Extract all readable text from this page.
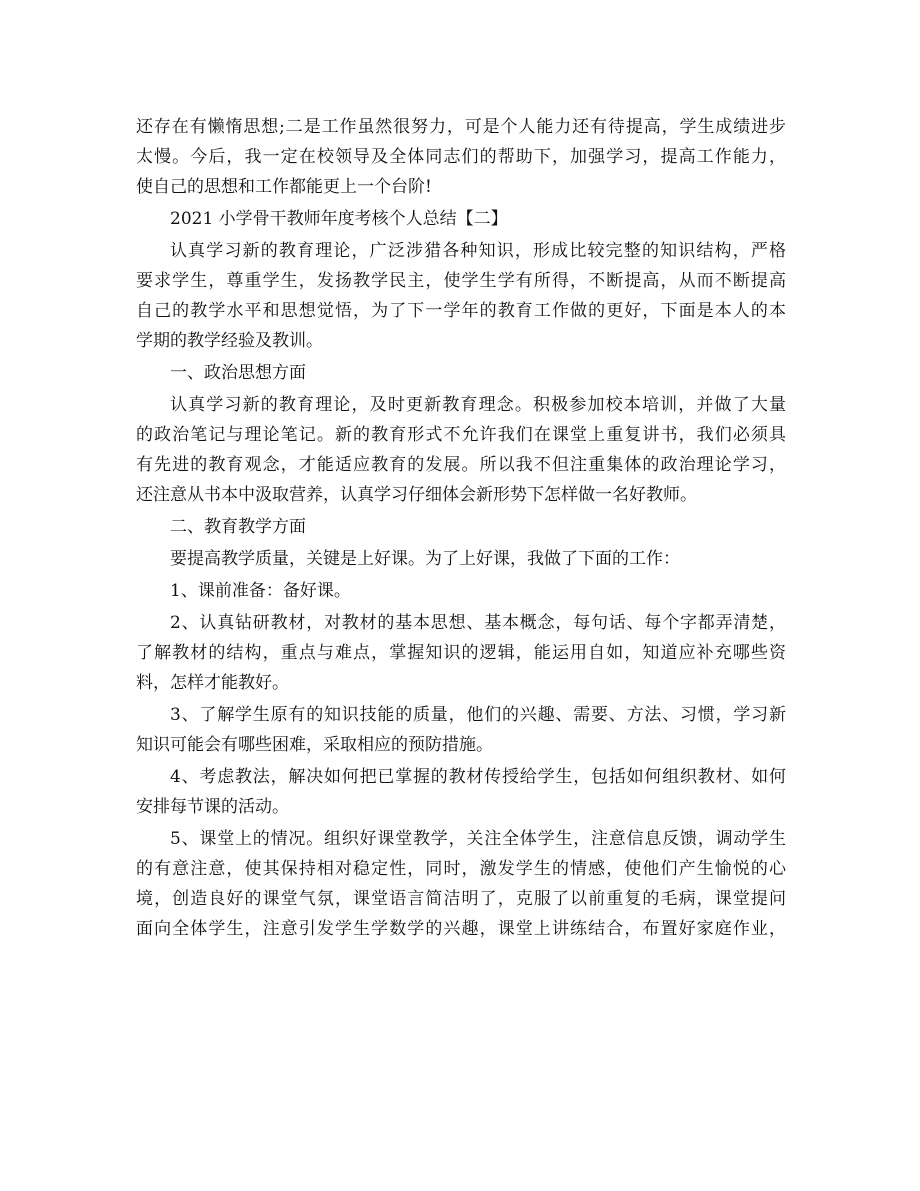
还存在有懒惰思想;二是工作虽然很努力，可是个人能力还有待提高，学生成绩进步
太慢。今后，我一定在校领导及全体同志们的帮助下，加强学习，提高工作能力，
使自己的思想和工作都能更上一个台阶!
2021 小学骨干教师年度考核个人总结【二】
认真学习新的教育理论，广泛涉猎各种知识，形成比较完整的知识结构，严格
要求学生，尊重学生，发扬教学民主，使学生学有所得，不断提高，从而不断提高
自己的教学水平和思想觉悟，为了下一学年的教育工作做的更好，下面是本人的本
学期的教学经验及教训。
一、政治思想方面
认真学习新的教育理论，及时更新教育理念。积极参加校本培训，并做了大量
的政治笔记与理论笔记。新的教育形式不允许我们在课堂上重复讲书，我们必须具
有先进的教育观念，才能适应教育的发展。所以我不但注重集体的政治理论学习，
还注意从书本中汲取营养，认真学习仔细体会新形势下怎样做一名好教师。
二、教育教学方面
要提高教学质量，关键是上好课。为了上好课，我做了下面的工作：
1、课前准备：备好课。
2、认真钻研教材，对教材的基本思想、基本概念，每句话、每个字都弄清楚，
了解教材的结构，重点与难点，掌握知识的逻辑，能运用自如，知道应补充哪些资
料，怎样才能教好。
3、了解学生原有的知识技能的质量，他们的兴趣、需要、方法、习惯，学习新
知识可能会有哪些困难，采取相应的预防措施。
4、考虑教法，解决如何把已掌握的教材传授给学生，包括如何组织教材、如何
安排每节课的活动。
5、课堂上的情况。组织好课堂教学，关注全体学生，注意信息反馈，调动学生
的有意注意，使其保持相对稳定性，同时，激发学生的情感，使他们产生愉悦的心
境，创造良好的课堂气氛，课堂语言简洁明了，克服了以前重复的毛病，课堂提问
面向全体学生，注意引发学生学数学的兴趣，课堂上讲练结合，布置好家庭作业，
